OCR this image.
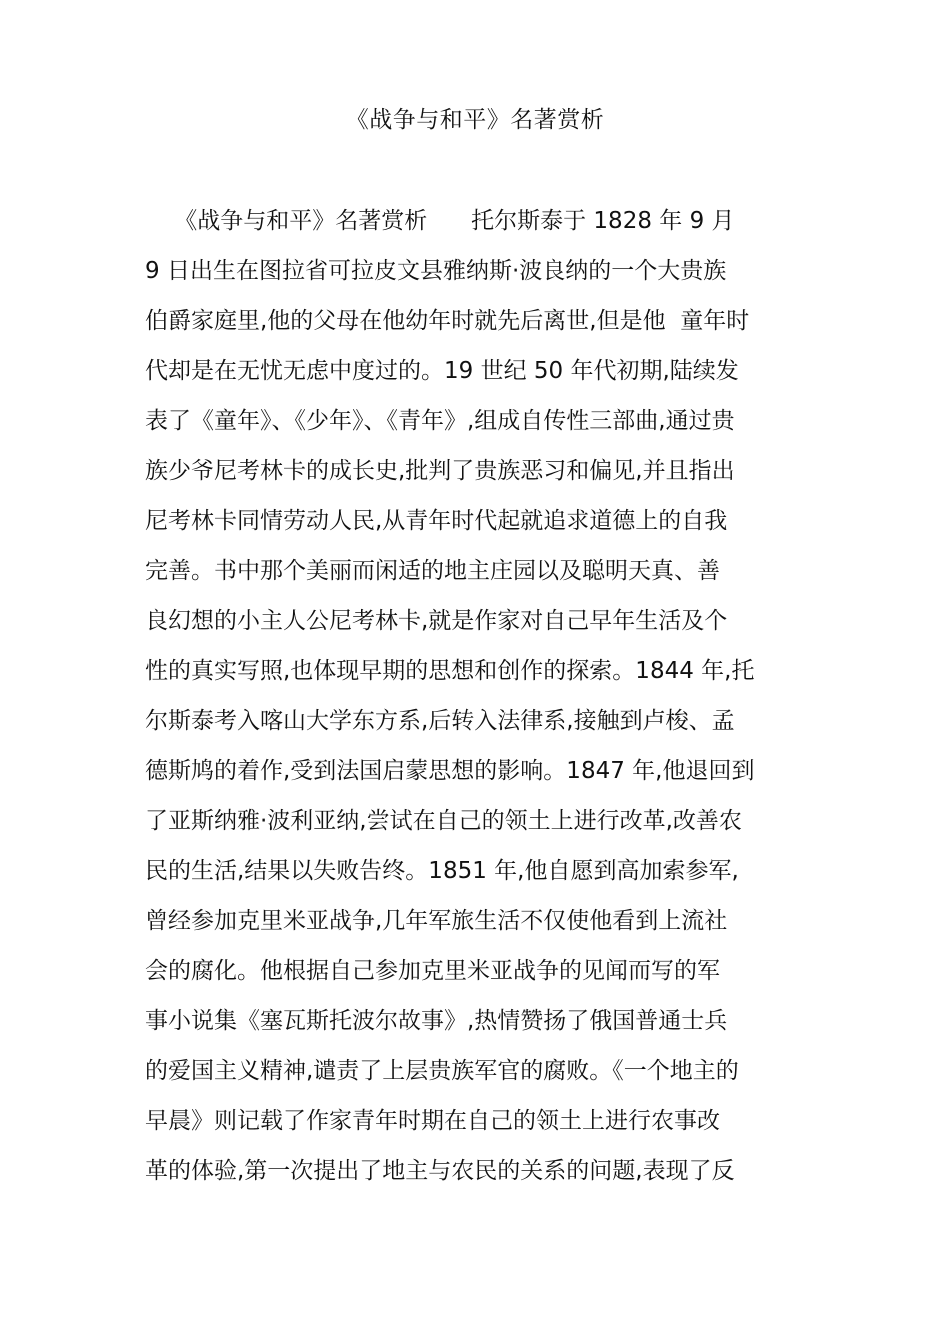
《战争与和平》名著赏析
《战争与和平》名著赏析      托尔斯泰于 1828 年 9 月
9 日出生在图拉省可拉皮文县雅纳斯·波良纳的一个大贵族
伯爵家庭里,他的父母在他幼年时就先后离世,但是他  童年时
代却是在无忧无虑中度过的。19 世纪 50 年代初期,陆续发
表了《童年》、《少年》、《青年》,组成自传性三部曲,通过贵
族少爷尼考林卡的成长史,批判了贵族恶习和偏见,并且指出
尼考林卡同情劳动人民,从青年时代起就追求道德上的自我
完善。书中那个美丽而闲适的地主庄园以及聪明天真、善
良幻想的小主人公尼考林卡,就是作家对自己早年生活及个
性的真实写照,也体现早期的思想和创作的探索。1844 年,托
尔斯泰考入喀山大学东方系,后转入法律系,接触到卢梭、孟
德斯鸠的着作,受到法国启蒙思想的影响。1847 年,他退回到
了亚斯纳雅·波利亚纳,尝试在自己的领土上进行改革,改善农
民的生活,结果以失败告终。1851 年,他自愿到高加索参军,
曾经参加克里米亚战争,几年军旅生活不仅使他看到上流社
会的腐化。他根据自己参加克里米亚战争的见闻而写的军
事小说集《塞瓦斯托波尔故事》,热情赞扬了俄国普通士兵
的爱国主义精神,谴责了上层贵族军官的腐败。《一个地主的
早晨》则记载了作家青年时期在自己的领土上进行农事改
革的体验,第一次提出了地主与农民的关系的问题,表现了反
